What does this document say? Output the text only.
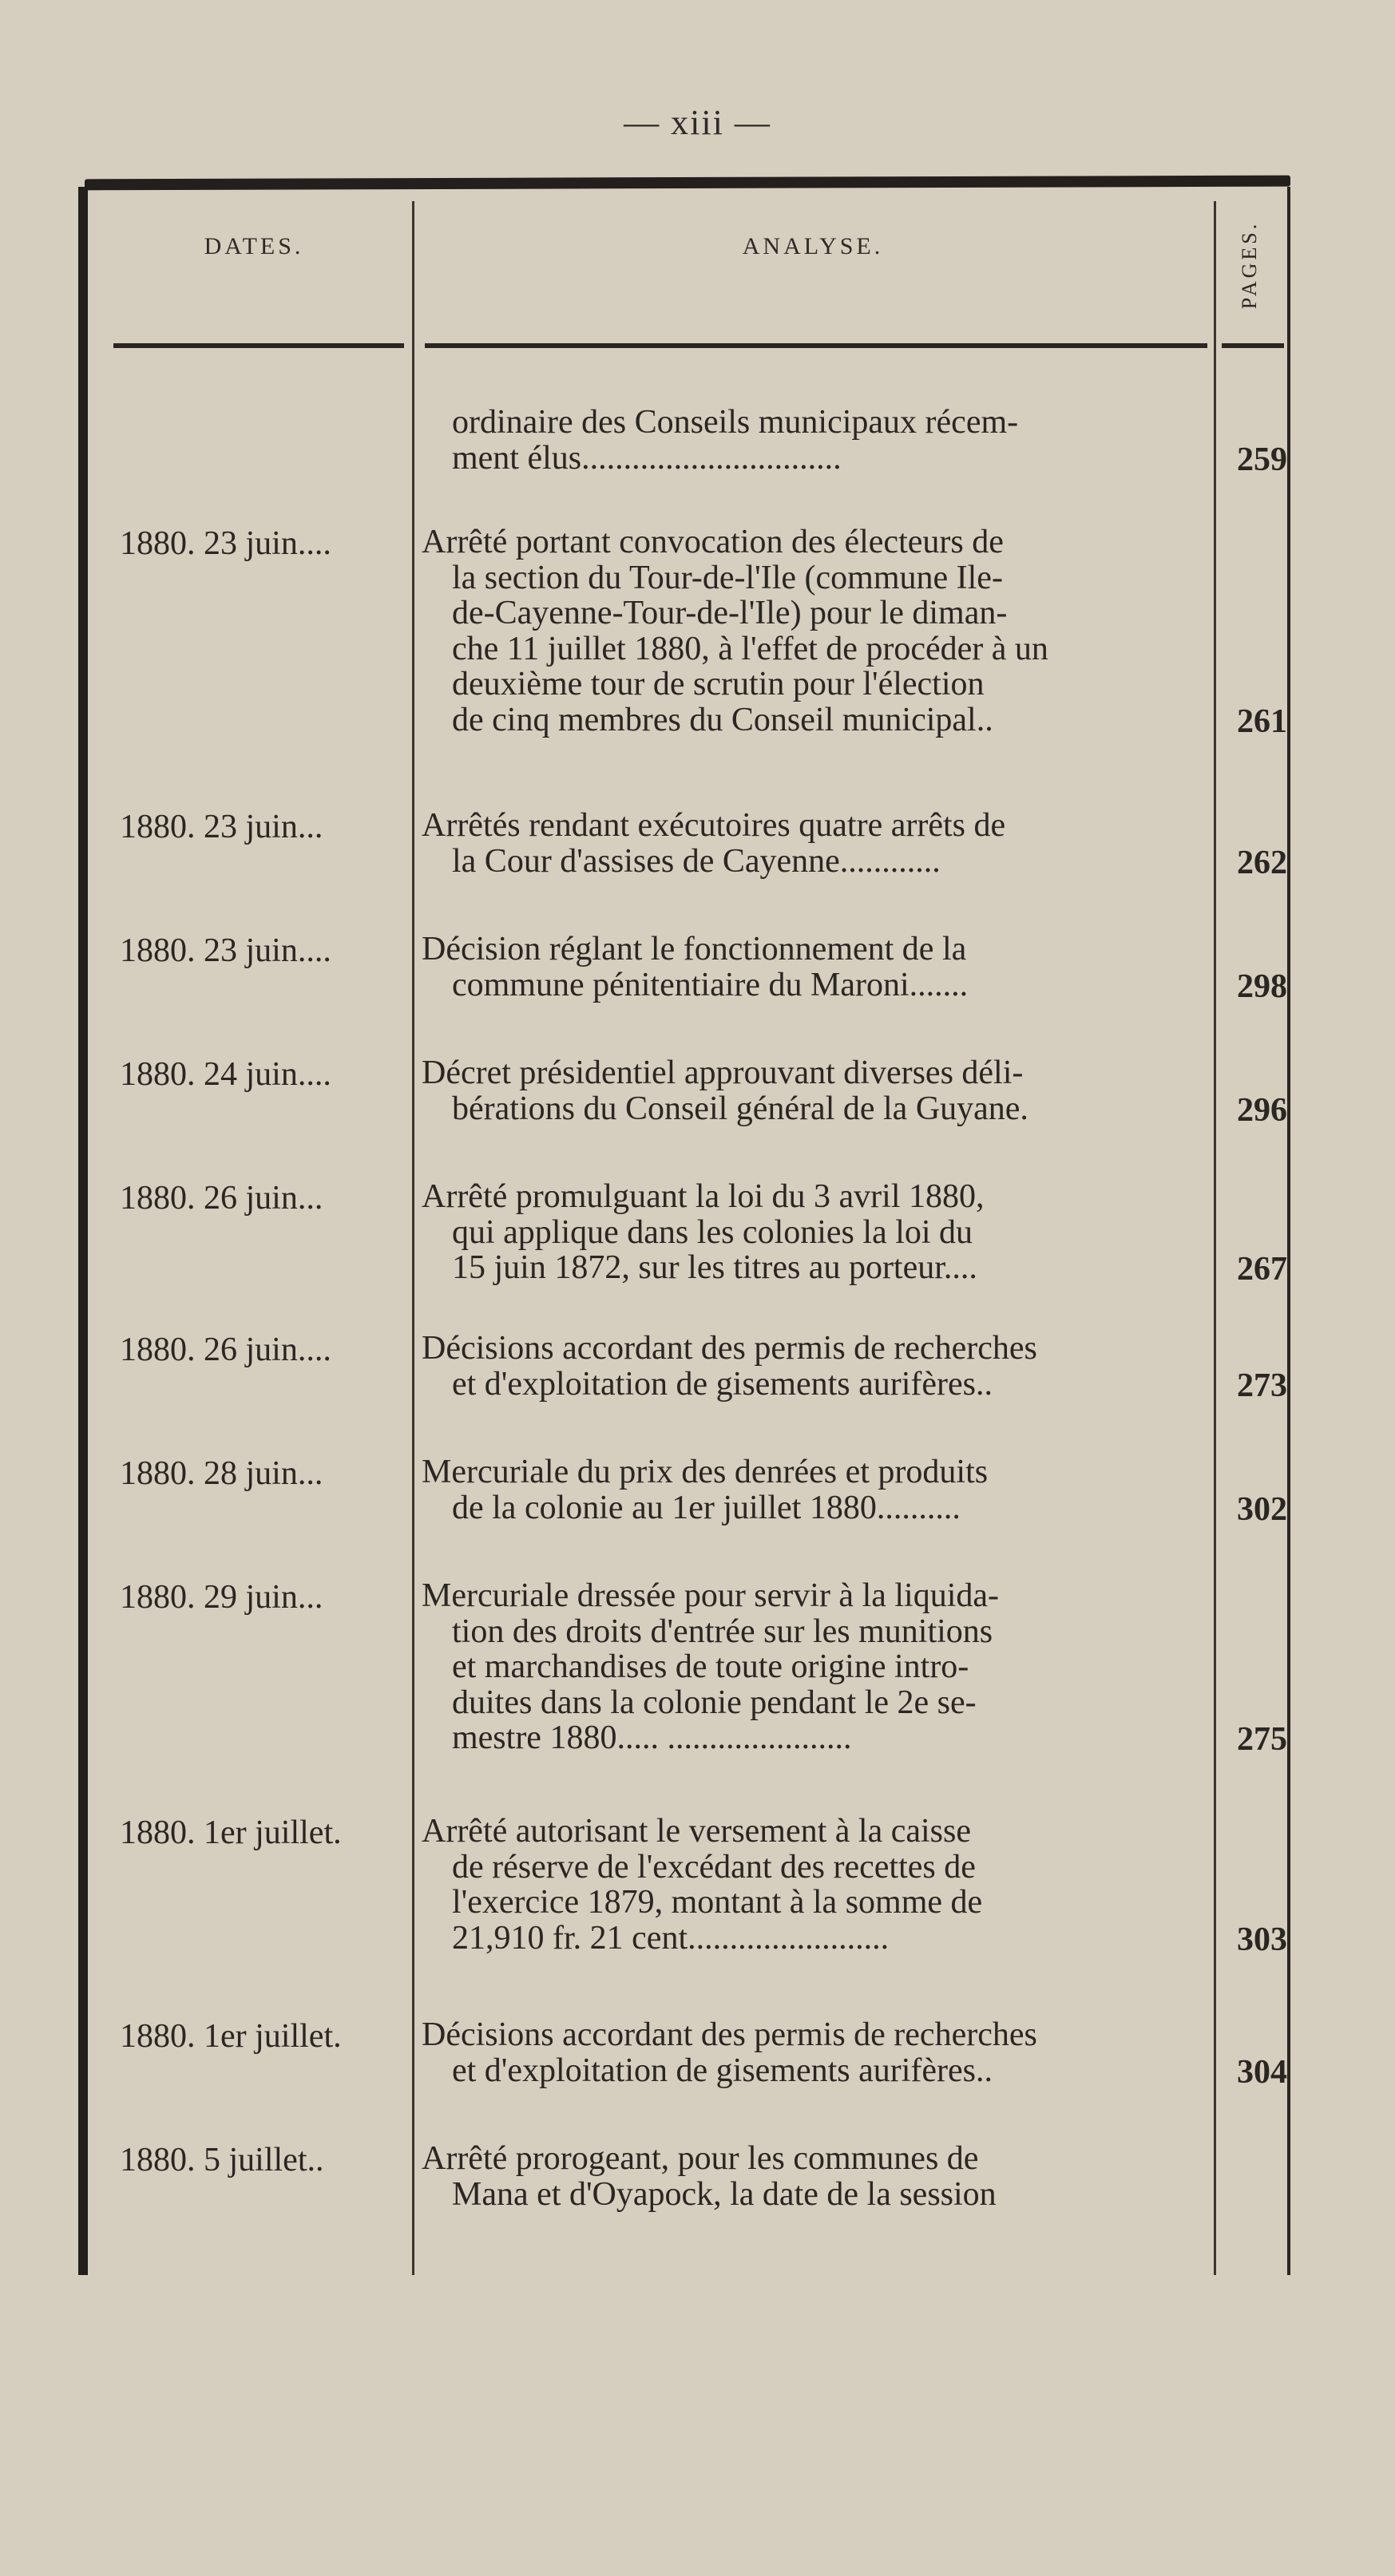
— xiii —
DATES.	ANALYSE.	PAGES.
ordinaire des Conseils municipaux récem-
ment élus...............................	259
1880. 23 juin....	Arrêté portant convocation des électeurs de
la section du Tour-de-l'Ile (commune Ile-
de-Cayenne-Tour-de-l'Ile) pour le diman-
che 11 juillet 1880, à l'effet de procéder à un
deuxième tour de scrutin pour l'élection
de cinq membres du Conseil municipal..	261
1880. 23 juin...	Arrêtés rendant exécutoires quatre arrêts de
la Cour d'assises de Cayenne............	262
1880. 23 juin....	Décision réglant le fonctionnement de la
commune pénitentiaire du Maroni.......	298
1880. 24 juin....	Décret présidentiel approuvant diverses déli-
bérations du Conseil général de la Guyane.	296
1880. 26 juin...	Arrêté promulguant la loi du 3 avril 1880,
qui applique dans les colonies la loi du
15 juin 1872, sur les titres au porteur....	267
1880. 26 juin....	Décisions accordant des permis de recherches
et d'exploitation de gisements aurifères..	273
1880. 28 juin...	Mercuriale du prix des denrées et produits
de la colonie au 1er juillet 1880..........	302
1880. 29 juin...	Mercuriale dressée pour servir à la liquida-
tion des droits d'entrée sur les munitions
et marchandises de toute origine intro-
duites dans la colonie pendant le 2e se-
mestre 1880..... ......................	275
1880. 1er juillet. Arrêté autorisant le versement à la caisse
de réserve de l'excédant des recettes de
l'exercice 1879, montant à la somme de
21,910 fr. 21 cent........................	303
1880. 1er juillet. Décisions accordant des permis de recherches
et d'exploitation de gisements aurifères..	304
1880. 5 juillet..	Arrêté prorogeant, pour les communes de
Mana et d'Oyapock, la date de la session
